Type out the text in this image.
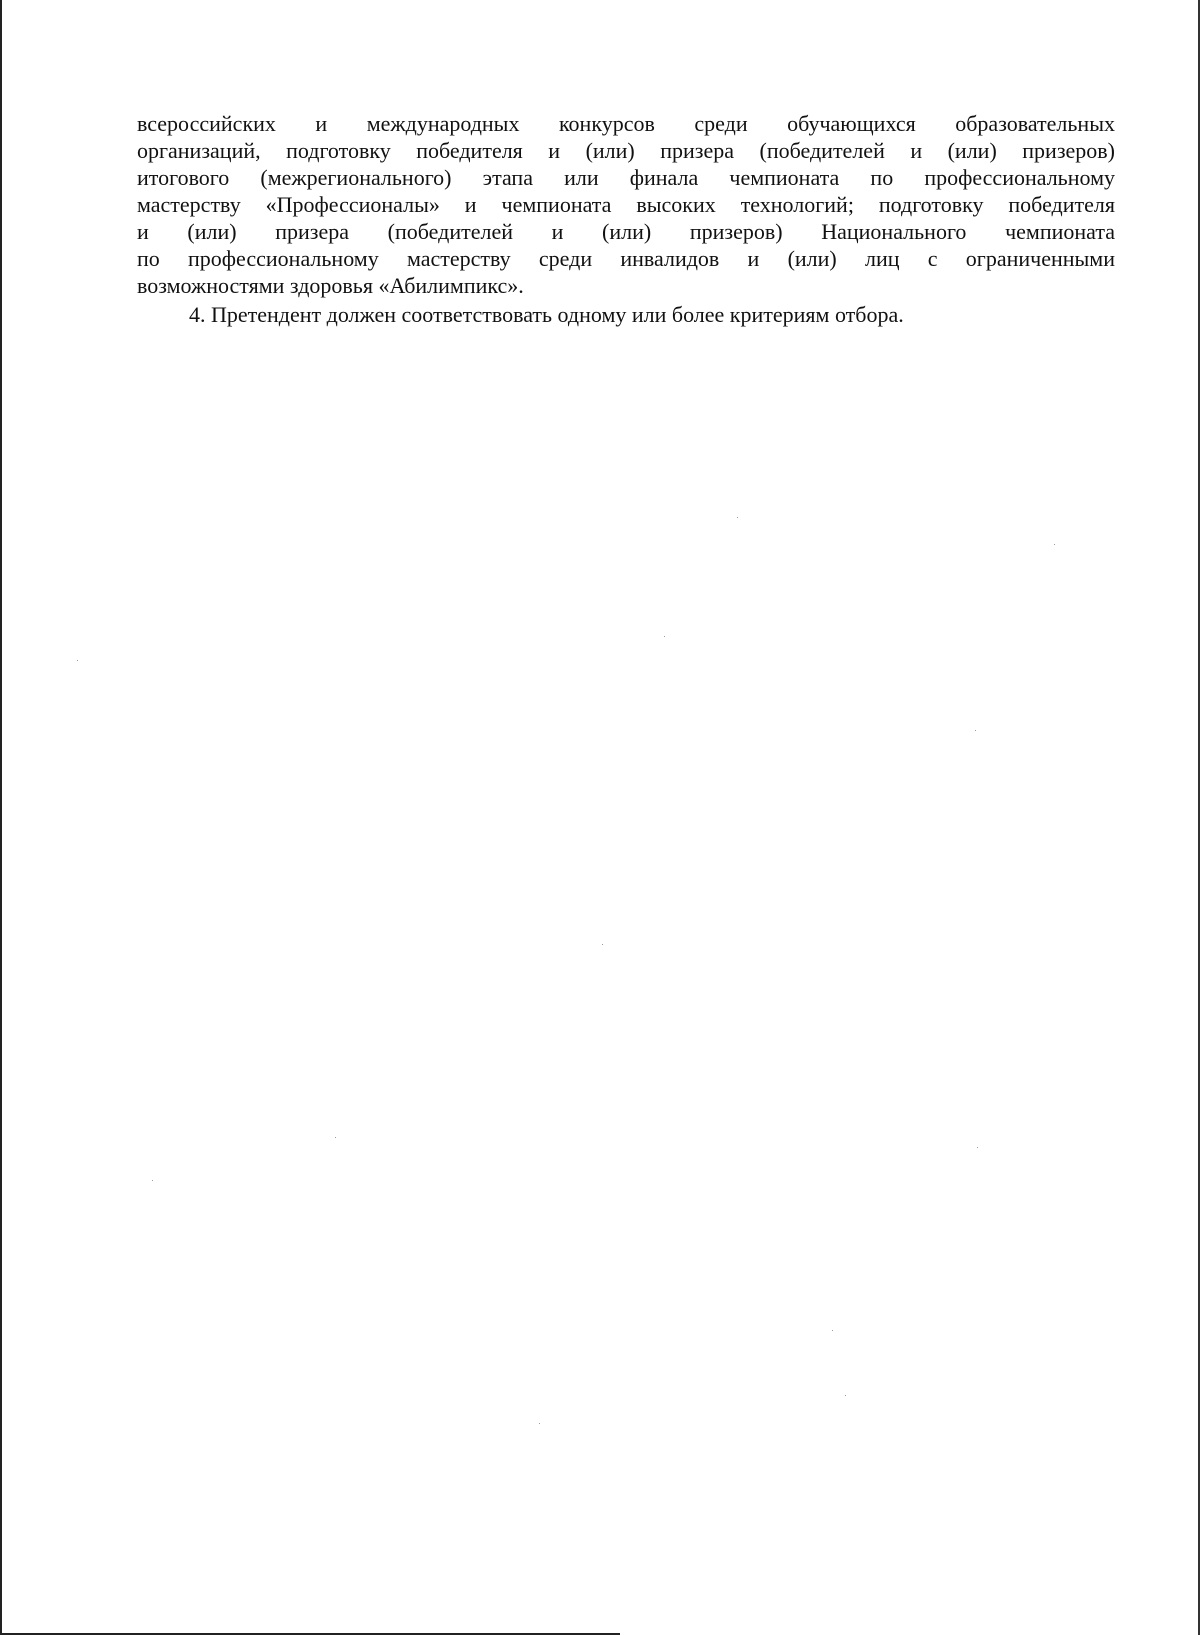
всероссийских и международных конкурсов среди обучающихся образовательных
организаций, подготовку победителя и (или) призера (победителей и (или) призеров)
итогового (межрегионального) этапа или финала чемпионата по профессиональному
мастерству «Профессионалы» и чемпионата высоких технологий; подготовку победителя
и (или) призера (победителей и (или) призеров) Национального чемпионата
по профессиональному мастерству среди инвалидов и (или) лиц с ограниченными
возможностями здоровья «Абилимпикс».
4. Претендент должен соответствовать одному или более критериям отбора.
